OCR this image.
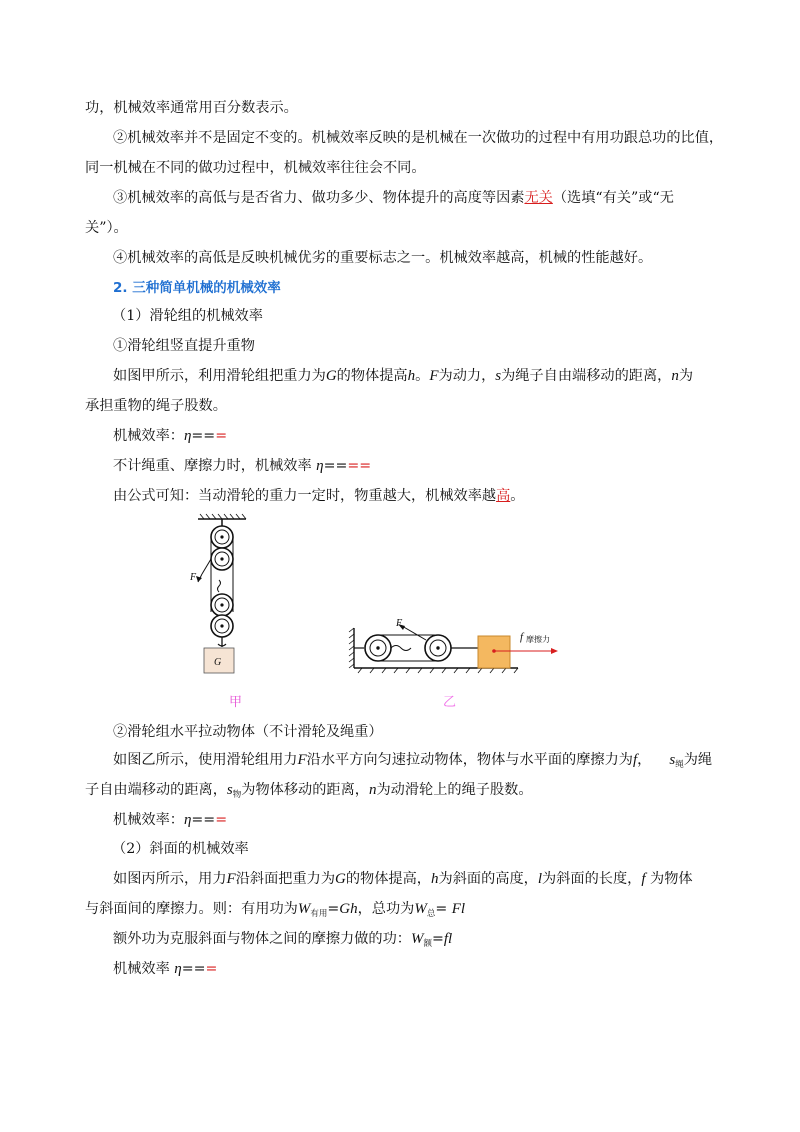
功，机械效率通常用百分数表示。
②机械效率并不是固定不变的。机械效率反映的是机械在一次做功的过程中有用功跟总功的比值，
同一机械在不同的做功过程中，机械效率往往会不同。
③机械效率的高低与是否省力、做功多少、物体提升的高度等因素无关（选填“有关”或“无
关”）。
④机械效率的高低是反映机械优劣的重要标志之一。机械效率越高，机械的性能越好。
2. 三种简单机械的机械效率
（1）滑轮组的机械效率
①滑轮组竖直提升重物
如图甲所示，利用滑轮组把重力为G的物体提高h。F为动力，s为绳子自由端移动的距离，n为
承担重物的绳子股数。
机械效率：η===
不计绳重、摩擦力时，机械效率 η====
由公式可知：当动滑轮的重力一定时，物重越大，机械效率越高。
F
G
F
f 摩擦力
甲	乙
②滑轮组水平拉动物体（不计滑轮及绳重）
如图乙所示，使用滑轮组用力F沿水平方向匀速拉动物体，物体与水平面的摩擦力为f， $s_绳$为绳
子自由端移动的距离，$s_物$为物体移动的距离，n为动滑轮上的绳子股数。
机械效率：η===
（2）斜面的机械效率
如图丙所示，用力F沿斜面把重力为G的物体提高，h为斜面的高度，l为斜面的长度，f 为物体
与斜面间的摩擦力。则：有用功为$W_{有用}=Gh$，总功为$W_总= Fl$
额外功为克服斜面与物体之间的摩擦力做的功：$W_额=fl$
机械效率 η===
